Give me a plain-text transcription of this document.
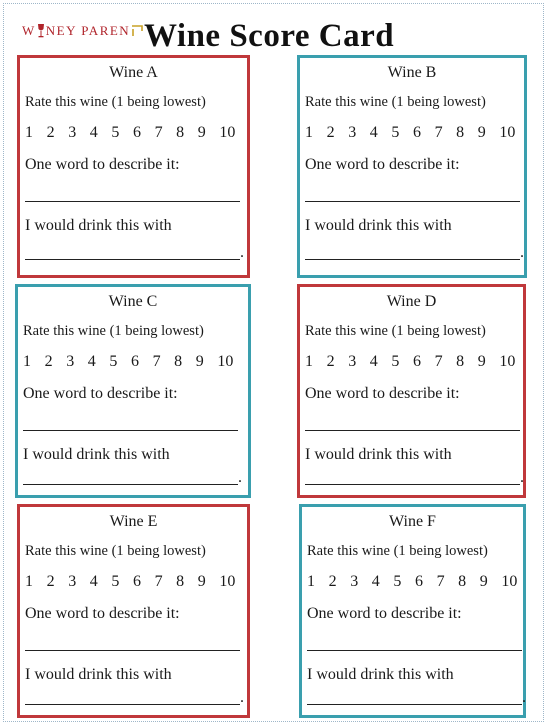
W NEY PAREN Wine Score Card
Wine A
Rate this wine (1 being lowest)
1 2 3 4 5 6 7 8 9 10
One word to describe it:
I would drink this with
.
Wine B
Rate this wine (1 being lowest)
1 2 3 4 5 6 7 8 9 10
One word to describe it:
I would drink this with
.
Wine C
Rate this wine (1 being lowest)
1 2 3 4 5 6 7 8 9 10
One word to describe it:
I would drink this with
.
Wine D
Rate this wine (1 being lowest)
1 2 3 4 5 6 7 8 9 10
One word to describe it:
I would drink this with
.
Wine E
Rate this wine (1 being lowest)
1 2 3 4 5 6 7 8 9 10
One word to describe it:
I would drink this with
.
Wine F
Rate this wine (1 being lowest)
1 2 3 4 5 6 7 8 9 10
One word to describe it:
I would drink this with
.
